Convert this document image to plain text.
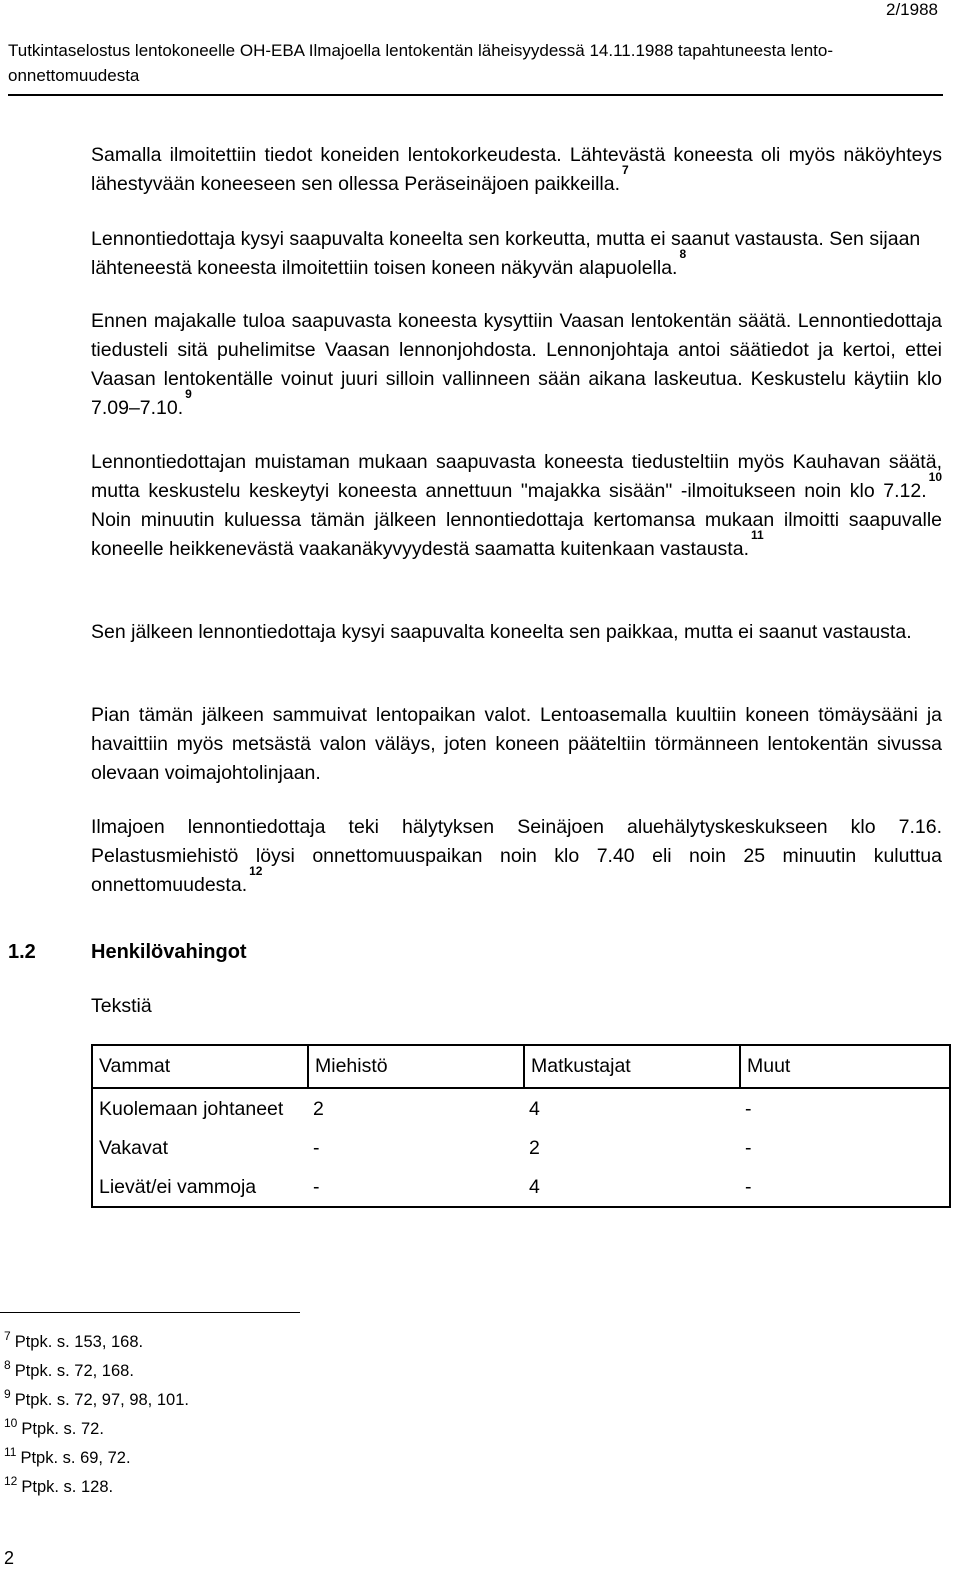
2/1988
Tutkintaselostus lentokoneelle OH-EBA Ilmajoella lentokentän läheisyydessä 14.11.1988 tapahtuneesta lento-onnettomuudesta

Samalla ilmoitettiin tiedot koneiden lentokorkeudesta. Lähtevästä koneesta oli myös näköyhteys lähestyvään koneeseen sen ollessa Peräseinäjoen paikkeilla.$^7$

Lennontiedottaja kysyi saapuvalta koneelta sen korkeutta, mutta ei saanut vastausta. Sen sijaan lähteneestä koneesta ilmoitettiin toisen koneen näkyvän alapuolella.$^8$

Ennen majakalle tuloa saapuvasta koneesta kysyttiin Vaasan lentokentän säätä. Lennontiedottaja tiedusteli sitä puhelimitse Vaasan lennonjohdosta. Lennonjohtaja antoi säätiedot ja kertoi, ettei Vaasan lentokentälle voinut juuri silloin vallinneen sään aikana laskeutua. Keskustelu käytiin klo 7.09–7.10.$^9$

Lennontiedottajan muistaman mukaan saapuvasta koneesta tiedusteltiin myös Kauhavan säätä, mutta keskustelu keskeytyi koneesta annettuun "majakka sisään" -ilmoitukseen noin klo 7.12.10 Noin minuutin kuluessa tämän jälkeen lennontiedottaja kertomansa mukaan ilmoitti saapuvalle koneelle heikkenevästä vaakanäkyvyydestä saamatta kuitenkaan vastausta.$^{11}$

Sen jälkeen lennontiedottaja kysyi saapuvalta koneelta sen paikkaa, mutta ei saanut vastausta.

Pian tämän jälkeen sammuivat lentopaikan valot. Lentoasemalla kuultiin koneen tömäysääni ja havaittiin myös metsästä valon väläys, joten koneen pääteltiin törmänneen lentokentän sivussa olevaan voimajohtolinjaan.

Ilmajoen lennontiedottaja teki hälytyksen Seinäjoen aluehälytyskeskukseen klo 7.16. Pelastusmiehistö löysi onnettomuuspaikan noin klo 7.40 eli noin 25 minuutin kuluttua onnettomuudesta.$^{12}$

1.2	Henkilövahingot
Tekstiä
Vammat	Miehistö	Matkustajat	Muut
Kuolemaan johtaneet	2	4	-
Vakavat	-	2	-
Lievät/ei vammoja	-	4	-
$^7$ Ptpk. s. 153, 168.
$^8$ Ptpk. s. 72, 168.
$^9$ Ptpk. s. 72, 97, 98, 101.
$^{10}$ Ptpk. s. 72.
$^{11}$ Ptpk. s. 69, 72.
$^{12}$ Ptpk. s. 128.
2
